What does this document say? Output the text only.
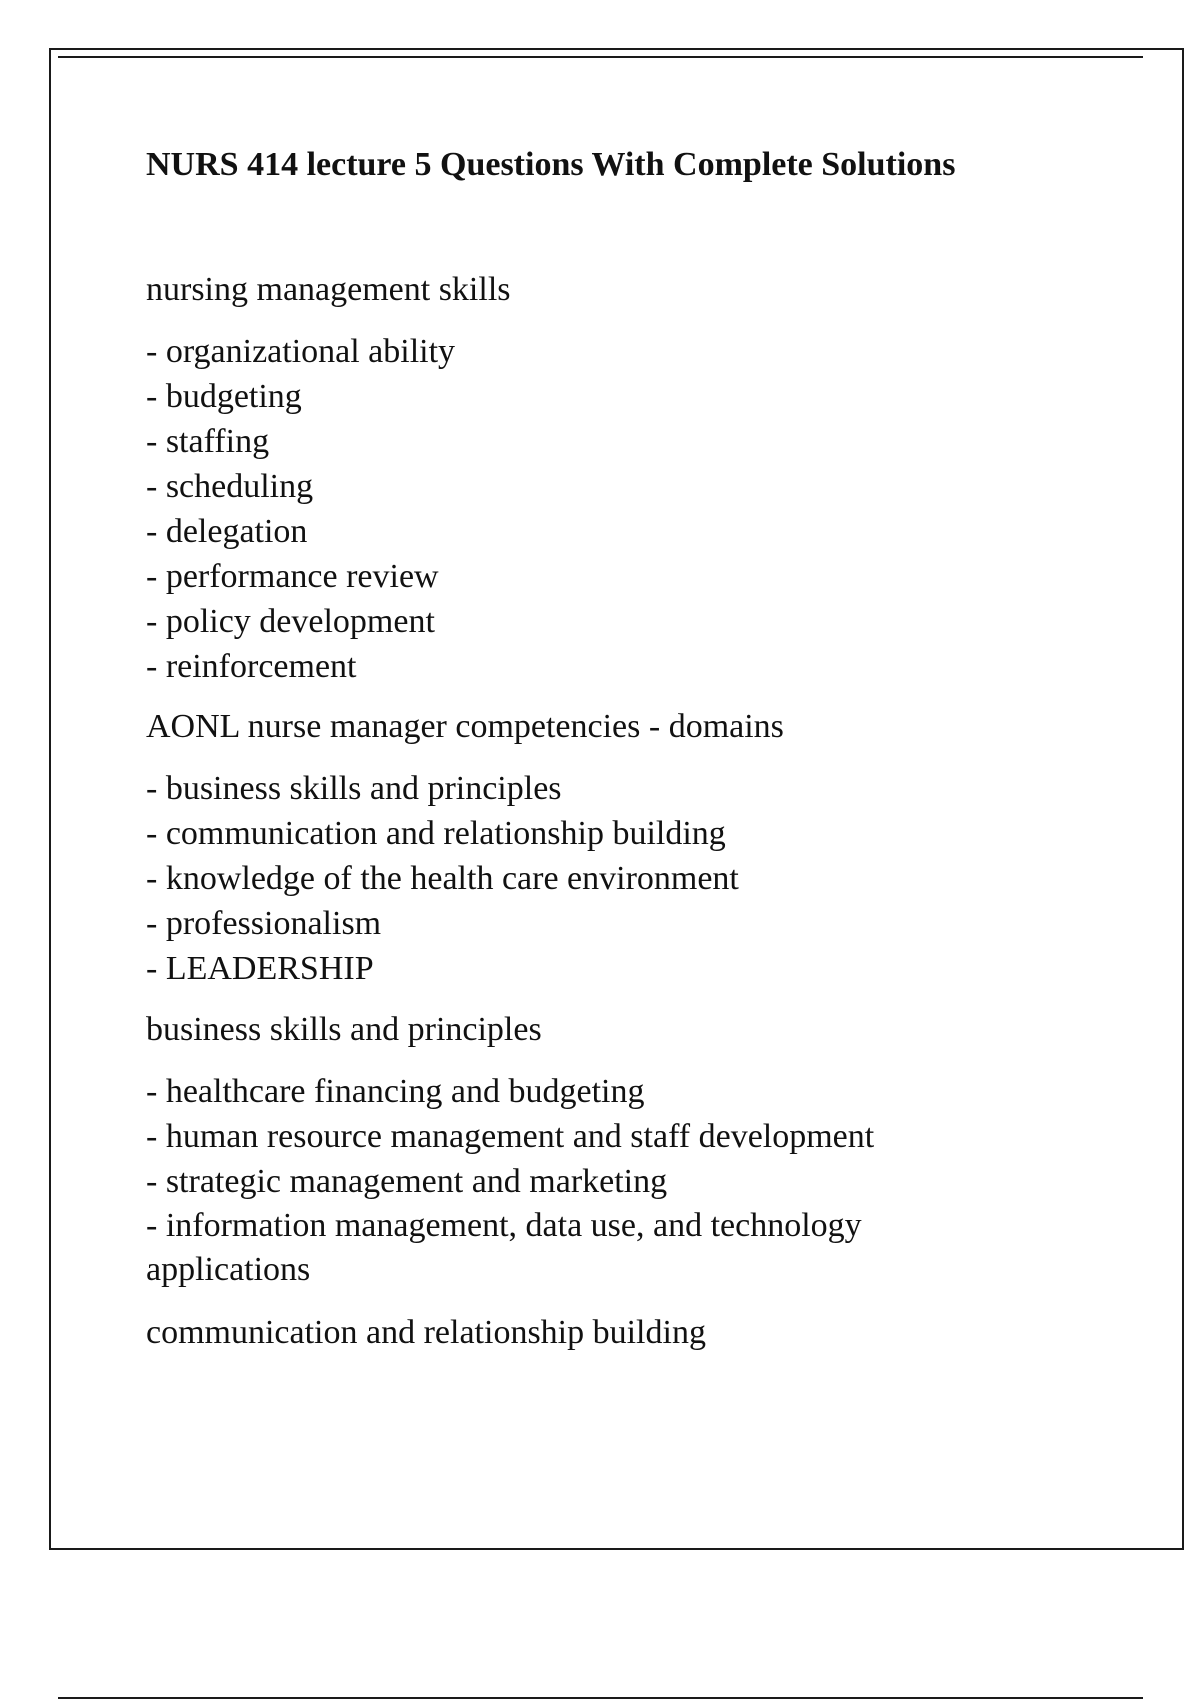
NURS 414 lecture 5 Questions With Complete Solutions

nursing management skills

- organizational ability
- budgeting
- staffing
- scheduling
- delegation
- performance review
- policy development
- reinforcement

AONL nurse manager competencies - domains

- business skills and principles
- communication and relationship building
- knowledge of the health care environment
- professionalism
- LEADERSHIP

business skills and principles

- healthcare financing and budgeting
- human resource management and staff development
- strategic management and marketing
- information management, data use, and technology applications

communication and relationship building
